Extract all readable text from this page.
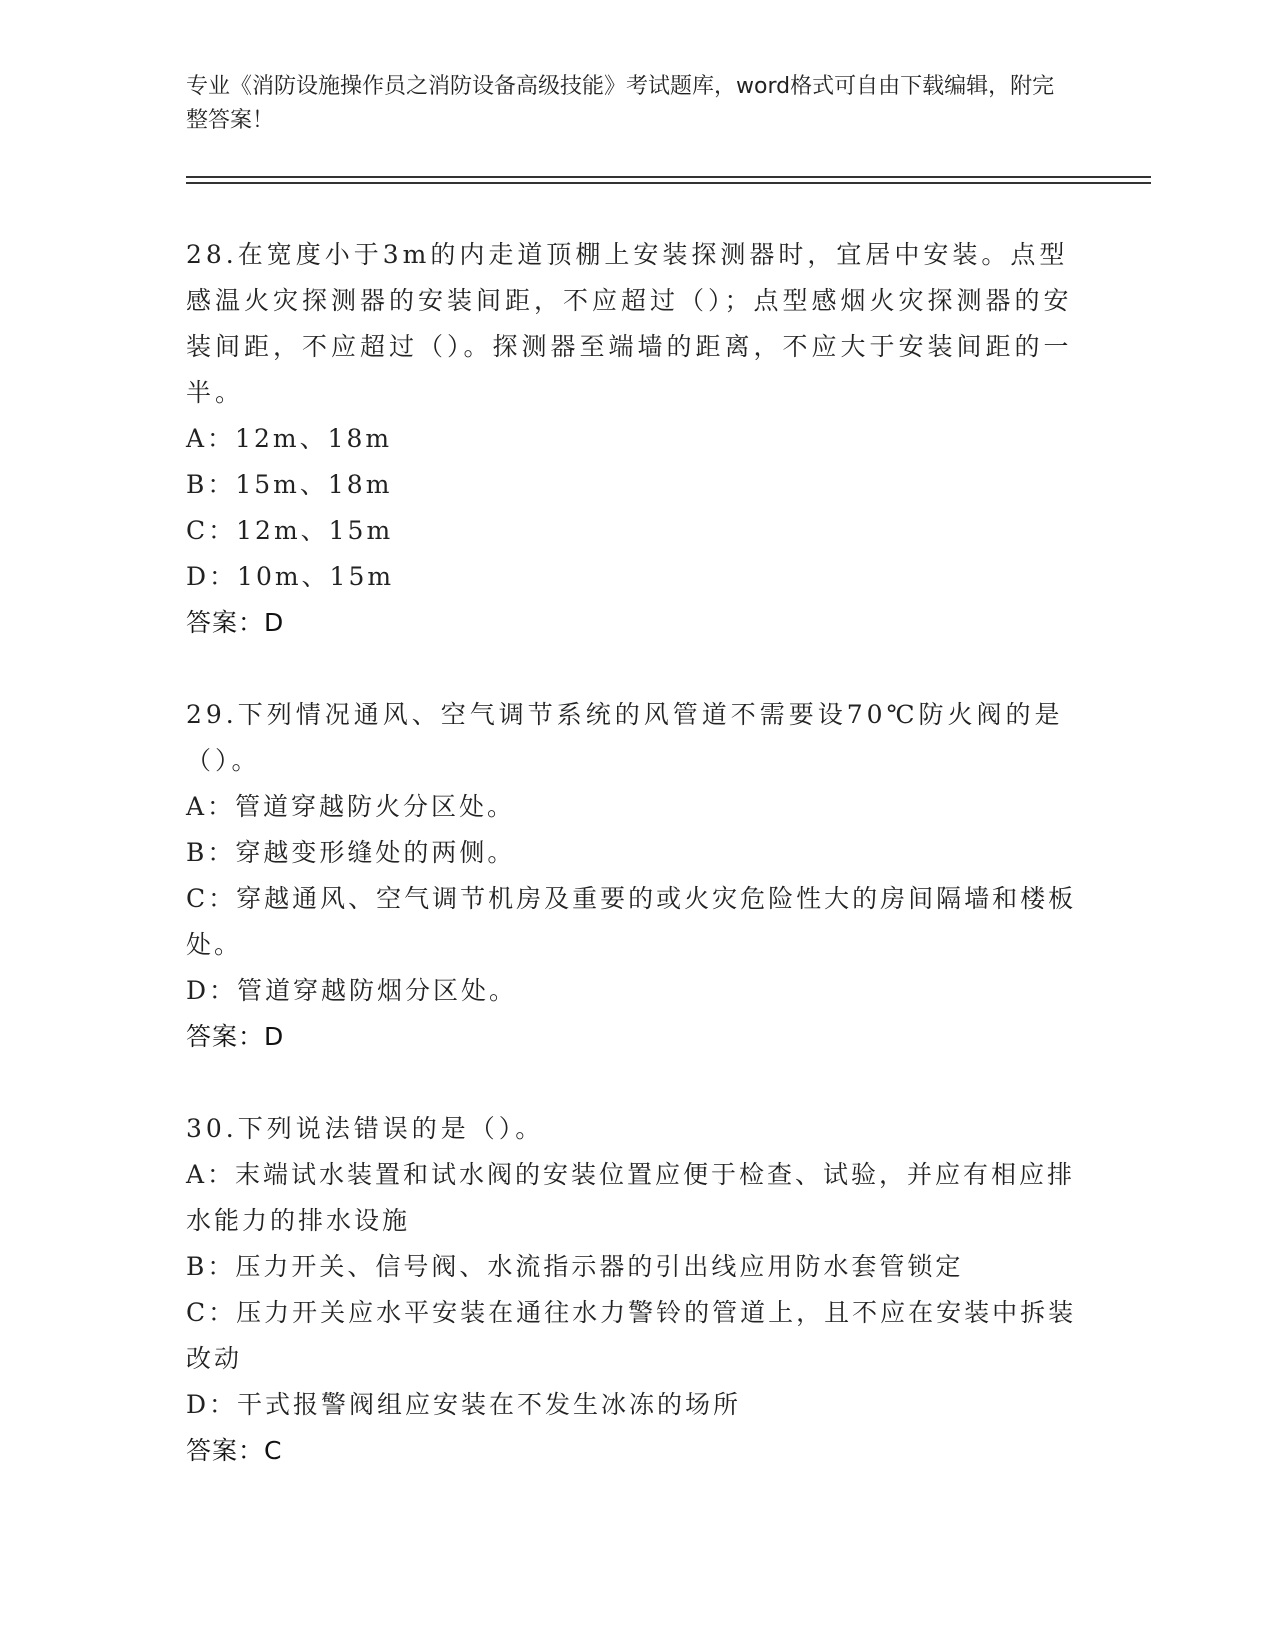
专业《消防设施操作员之消防设备高级技能》考试题库，word格式可自由下载编辑，附完整答案！
28.在宽度小于3m的内走道顶棚上安装探测器时，宜居中安装。点型感温火灾探测器的安装间距，不应超过（）；点型感烟火灾探测器的安装间距，不应超过（）。探测器至端墙的距离，不应大于安装间距的一半。
A：12m、18m
B：15m、18m
C：12m、15m
D：10m、15m
答案：D
29.下列情况通风、空气调节系统的风管道不需要设70℃防火阀的是（）。
A：管道穿越防火分区处。
B：穿越变形缝处的两侧。
C：穿越通风、空气调节机房及重要的或火灾危险性大的房间隔墙和楼板处。
D：管道穿越防烟分区处。
答案：D
30.下列说法错误的是（）。
A：末端试水装置和试水阀的安装位置应便于检查、试验，并应有相应排水能力的排水设施
B：压力开关、信号阀、水流指示器的引出线应用防水套管锁定
C：压力开关应水平安装在通往水力警铃的管道上，且不应在安装中拆装改动
D：干式报警阀组应安装在不发生冰冻的场所
答案：C
